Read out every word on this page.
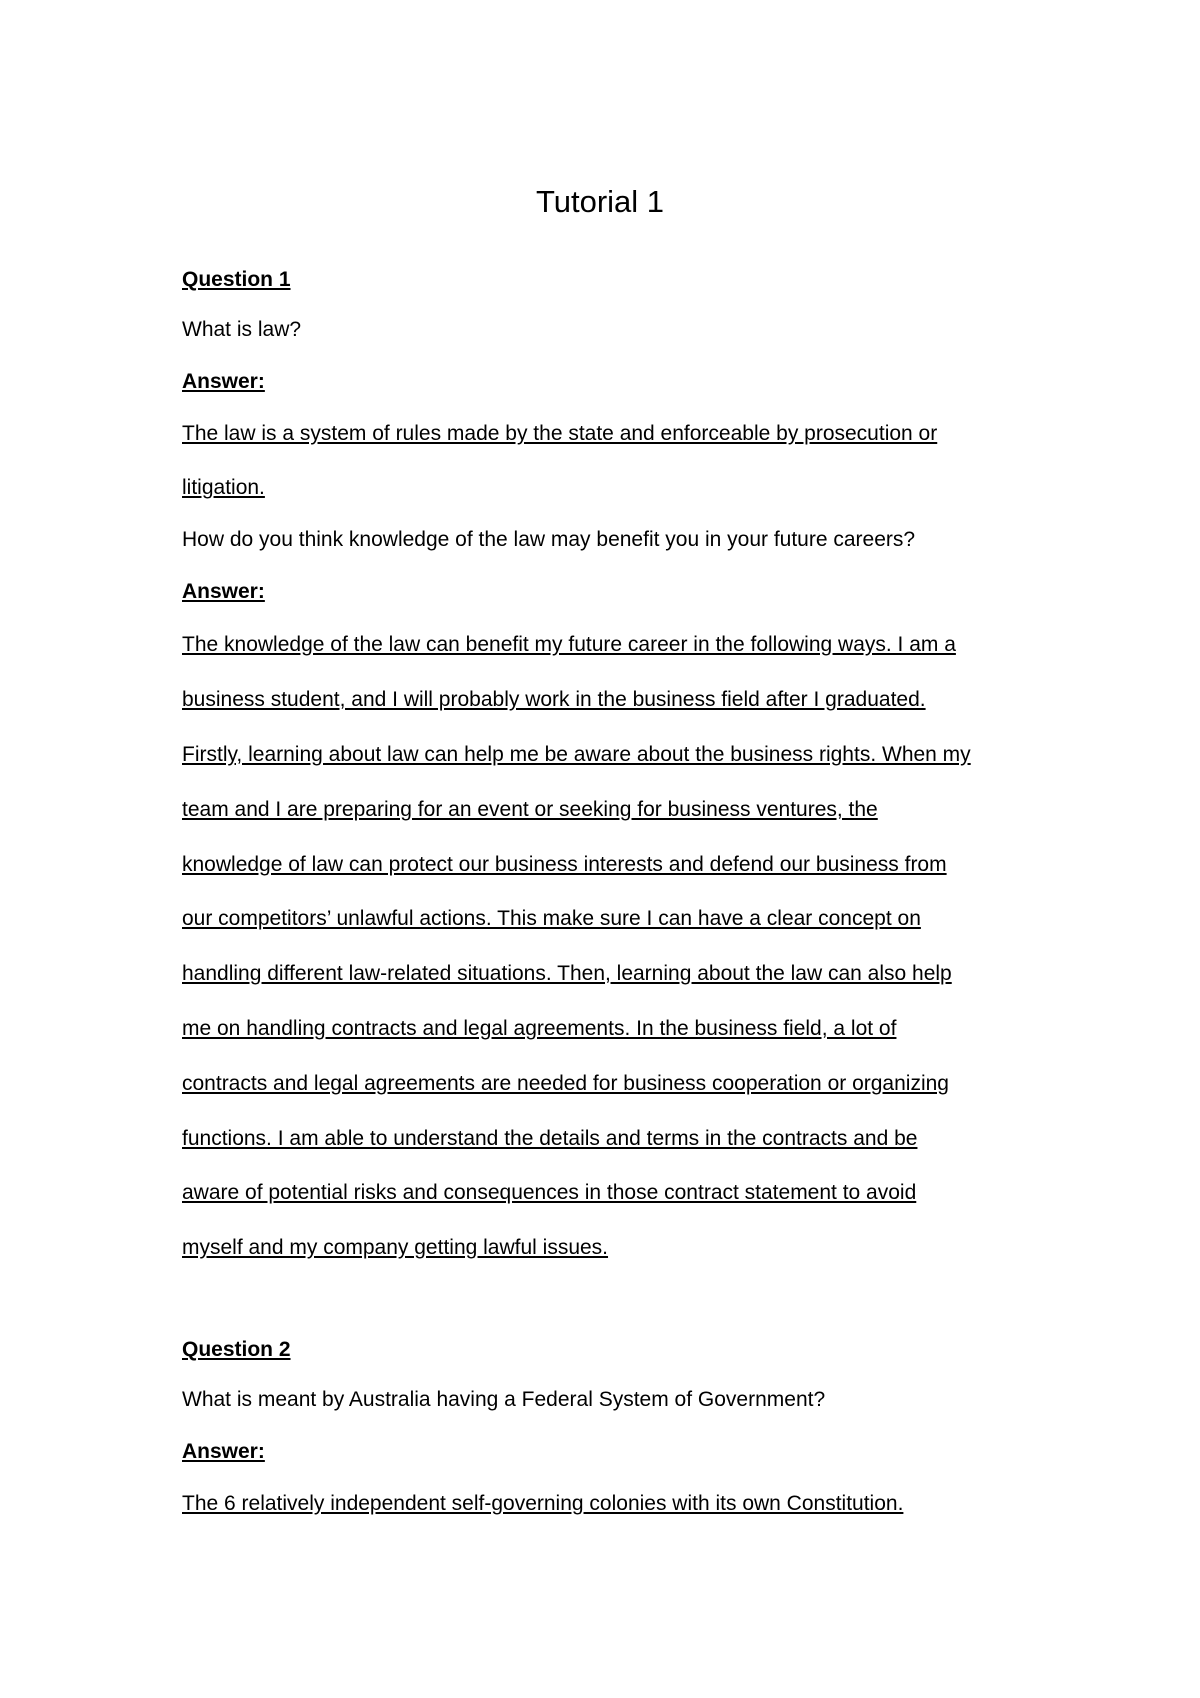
Tutorial 1
Question 1
What is law?
Answer:
The law is a system of rules made by the state and enforceable by prosecution or
litigation.
How do you think knowledge of the law may benefit you in your future careers?
Answer:
The knowledge of the law can benefit my future career in the following ways. I am a
business student, and I will probably work in the business field after I graduated.
Firstly, learning about law can help me be aware about the business rights. When my
team and I are preparing for an event or seeking for business ventures, the
knowledge of law can protect our business interests and defend our business from
our competitors’ unlawful actions. This make sure I can have a clear concept on
handling different law-related situations. Then, learning about the law can also help
me on handling contracts and legal agreements. In the business field, a lot of
contracts and legal agreements are needed for business cooperation or organizing
functions. I am able to understand the details and terms in the contracts and be
aware of potential risks and consequences in those contract statement to avoid
myself and my company getting lawful issues.
Question 2
What is meant by Australia having a Federal System of Government?
Answer:
The 6 relatively independent self-governing colonies with its own Constitution.
